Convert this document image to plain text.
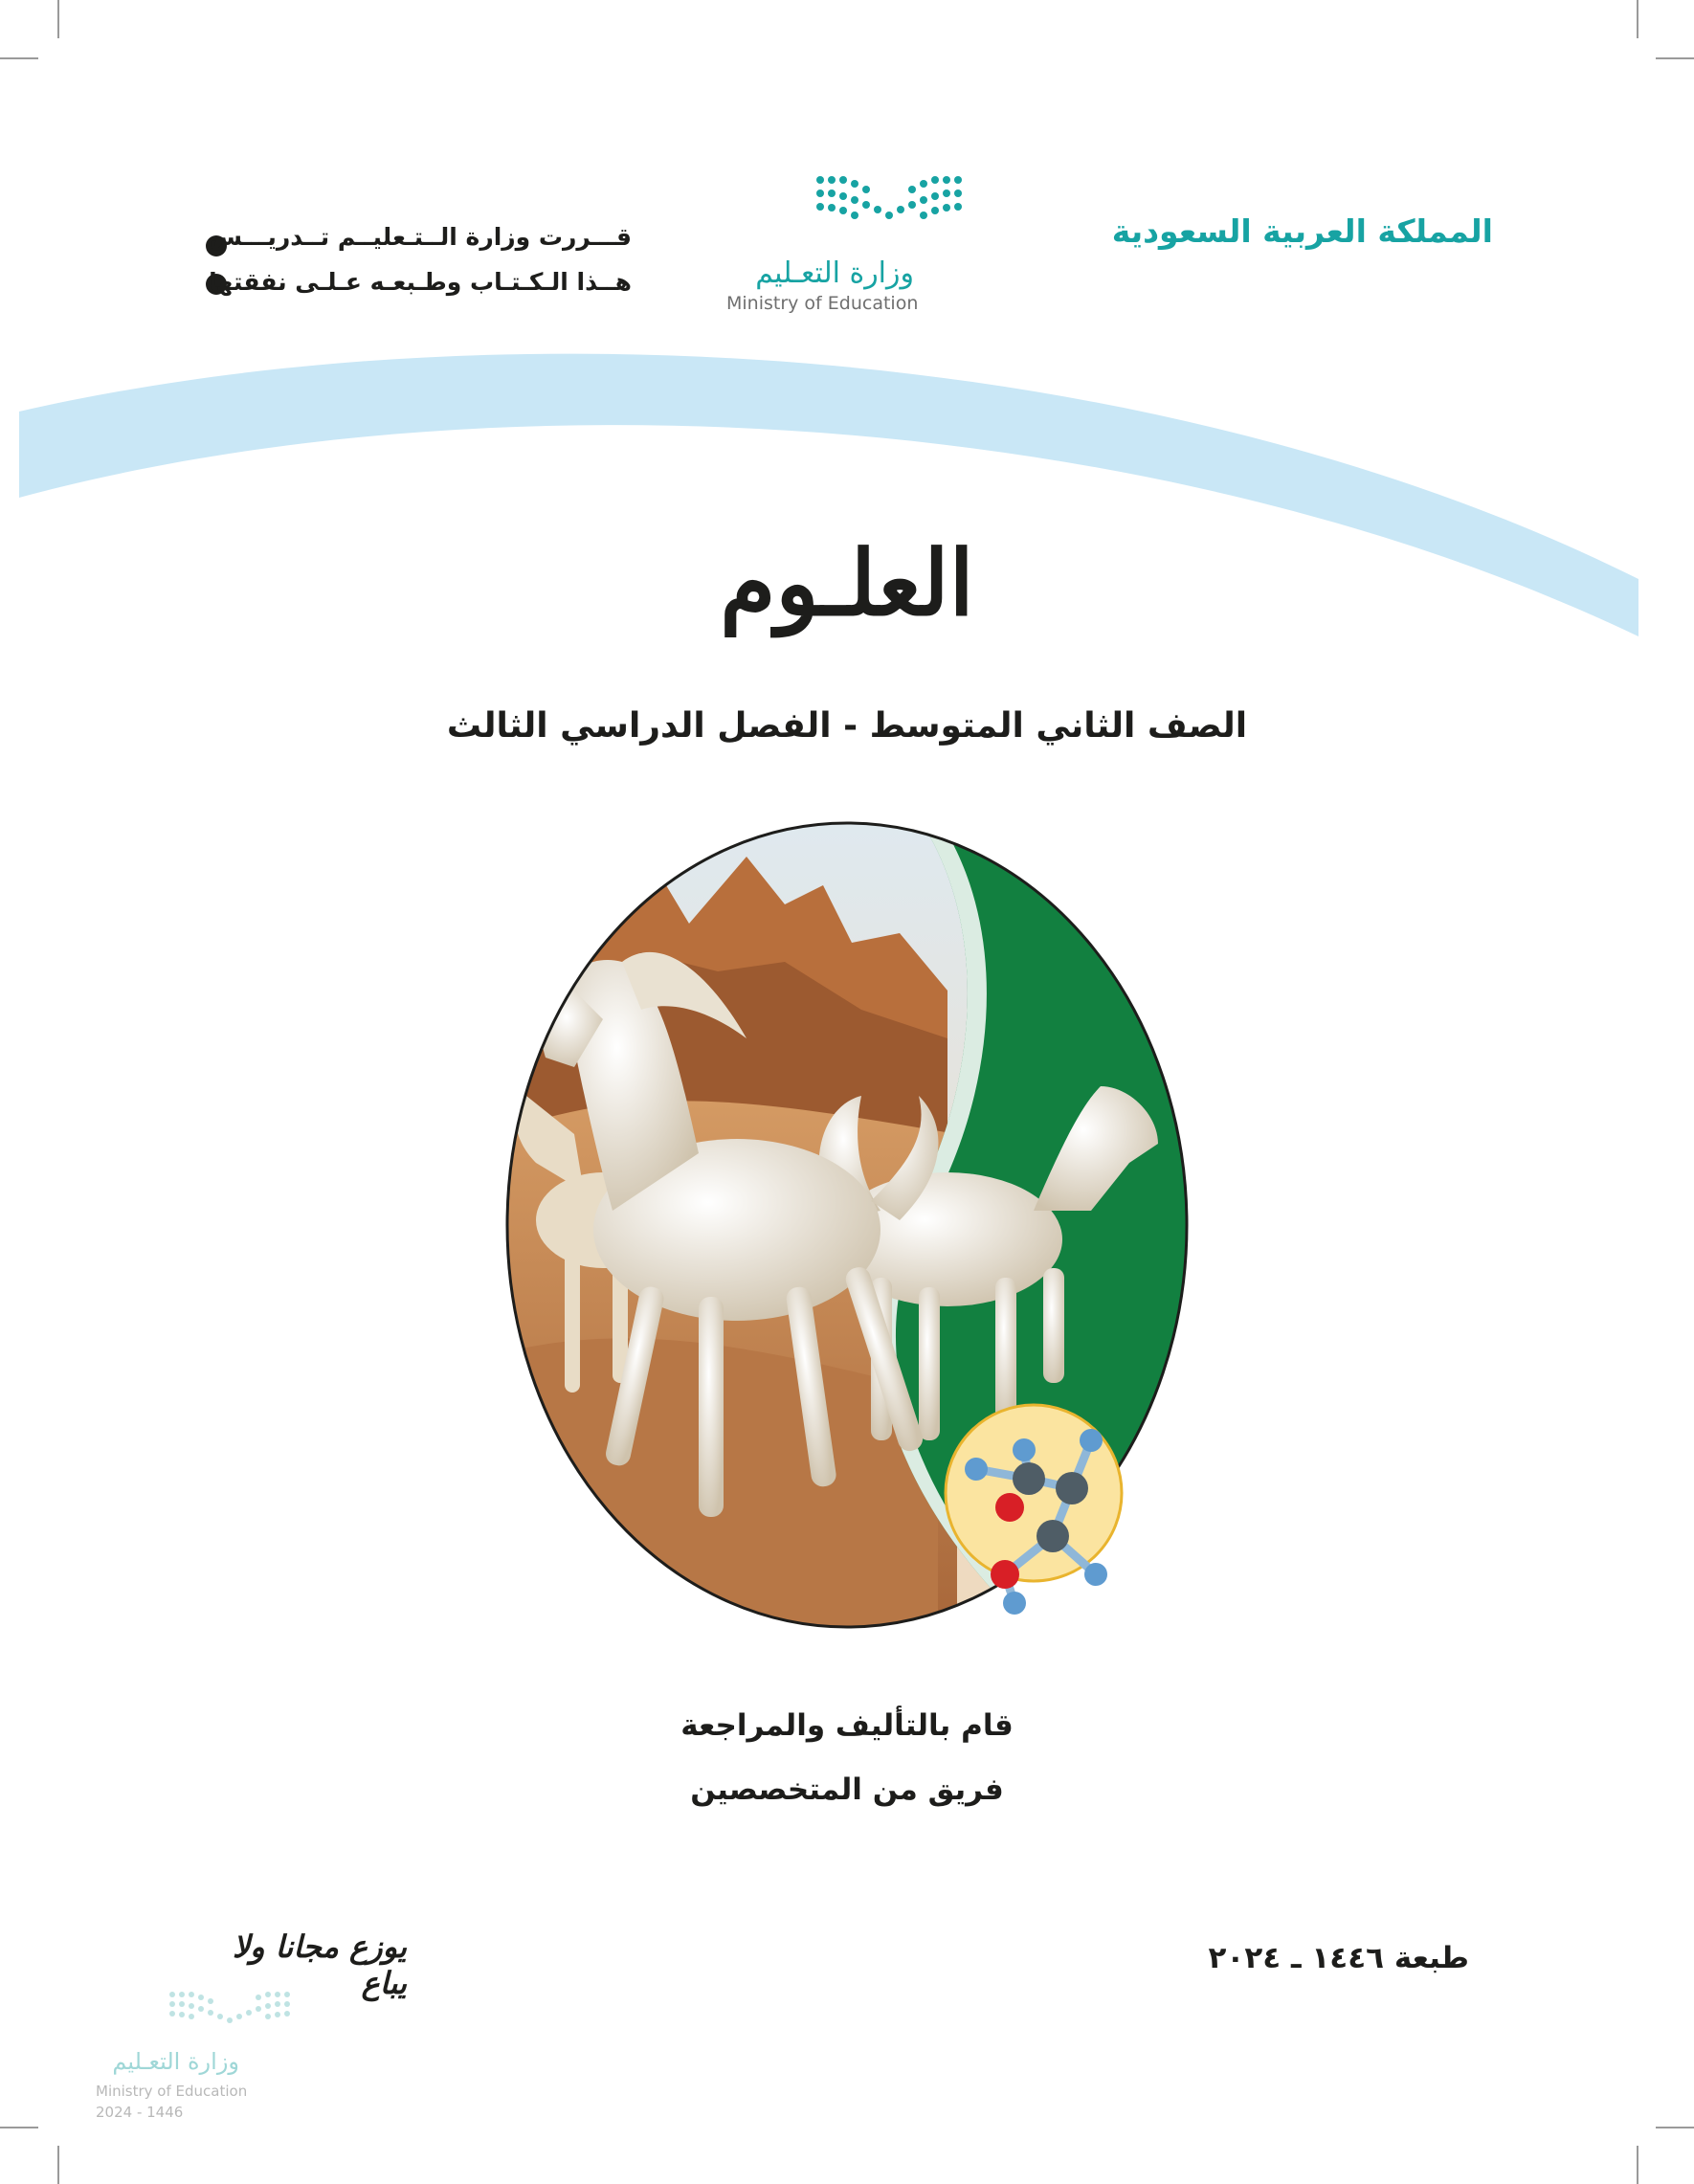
المملكة العربية السعودية
وزارة التعـليم
Ministry of Education
قـــررت وزارة الــتـعليــم تــدريـــس
هــذا الـكـتـاب وطـبعـه عـلـى نفقتها
العلـوم
الصف الثاني المتوسط - الفصل الدراسي الثالث
قام بالتأليف والمراجعة
فريق من المتخصصين
طبعة ١٤٤٦ ـ ٢٠٢٤
يوزع مجانا ولا يباع
وزارة التعـليم
Ministry of Education
2024 - 1446
